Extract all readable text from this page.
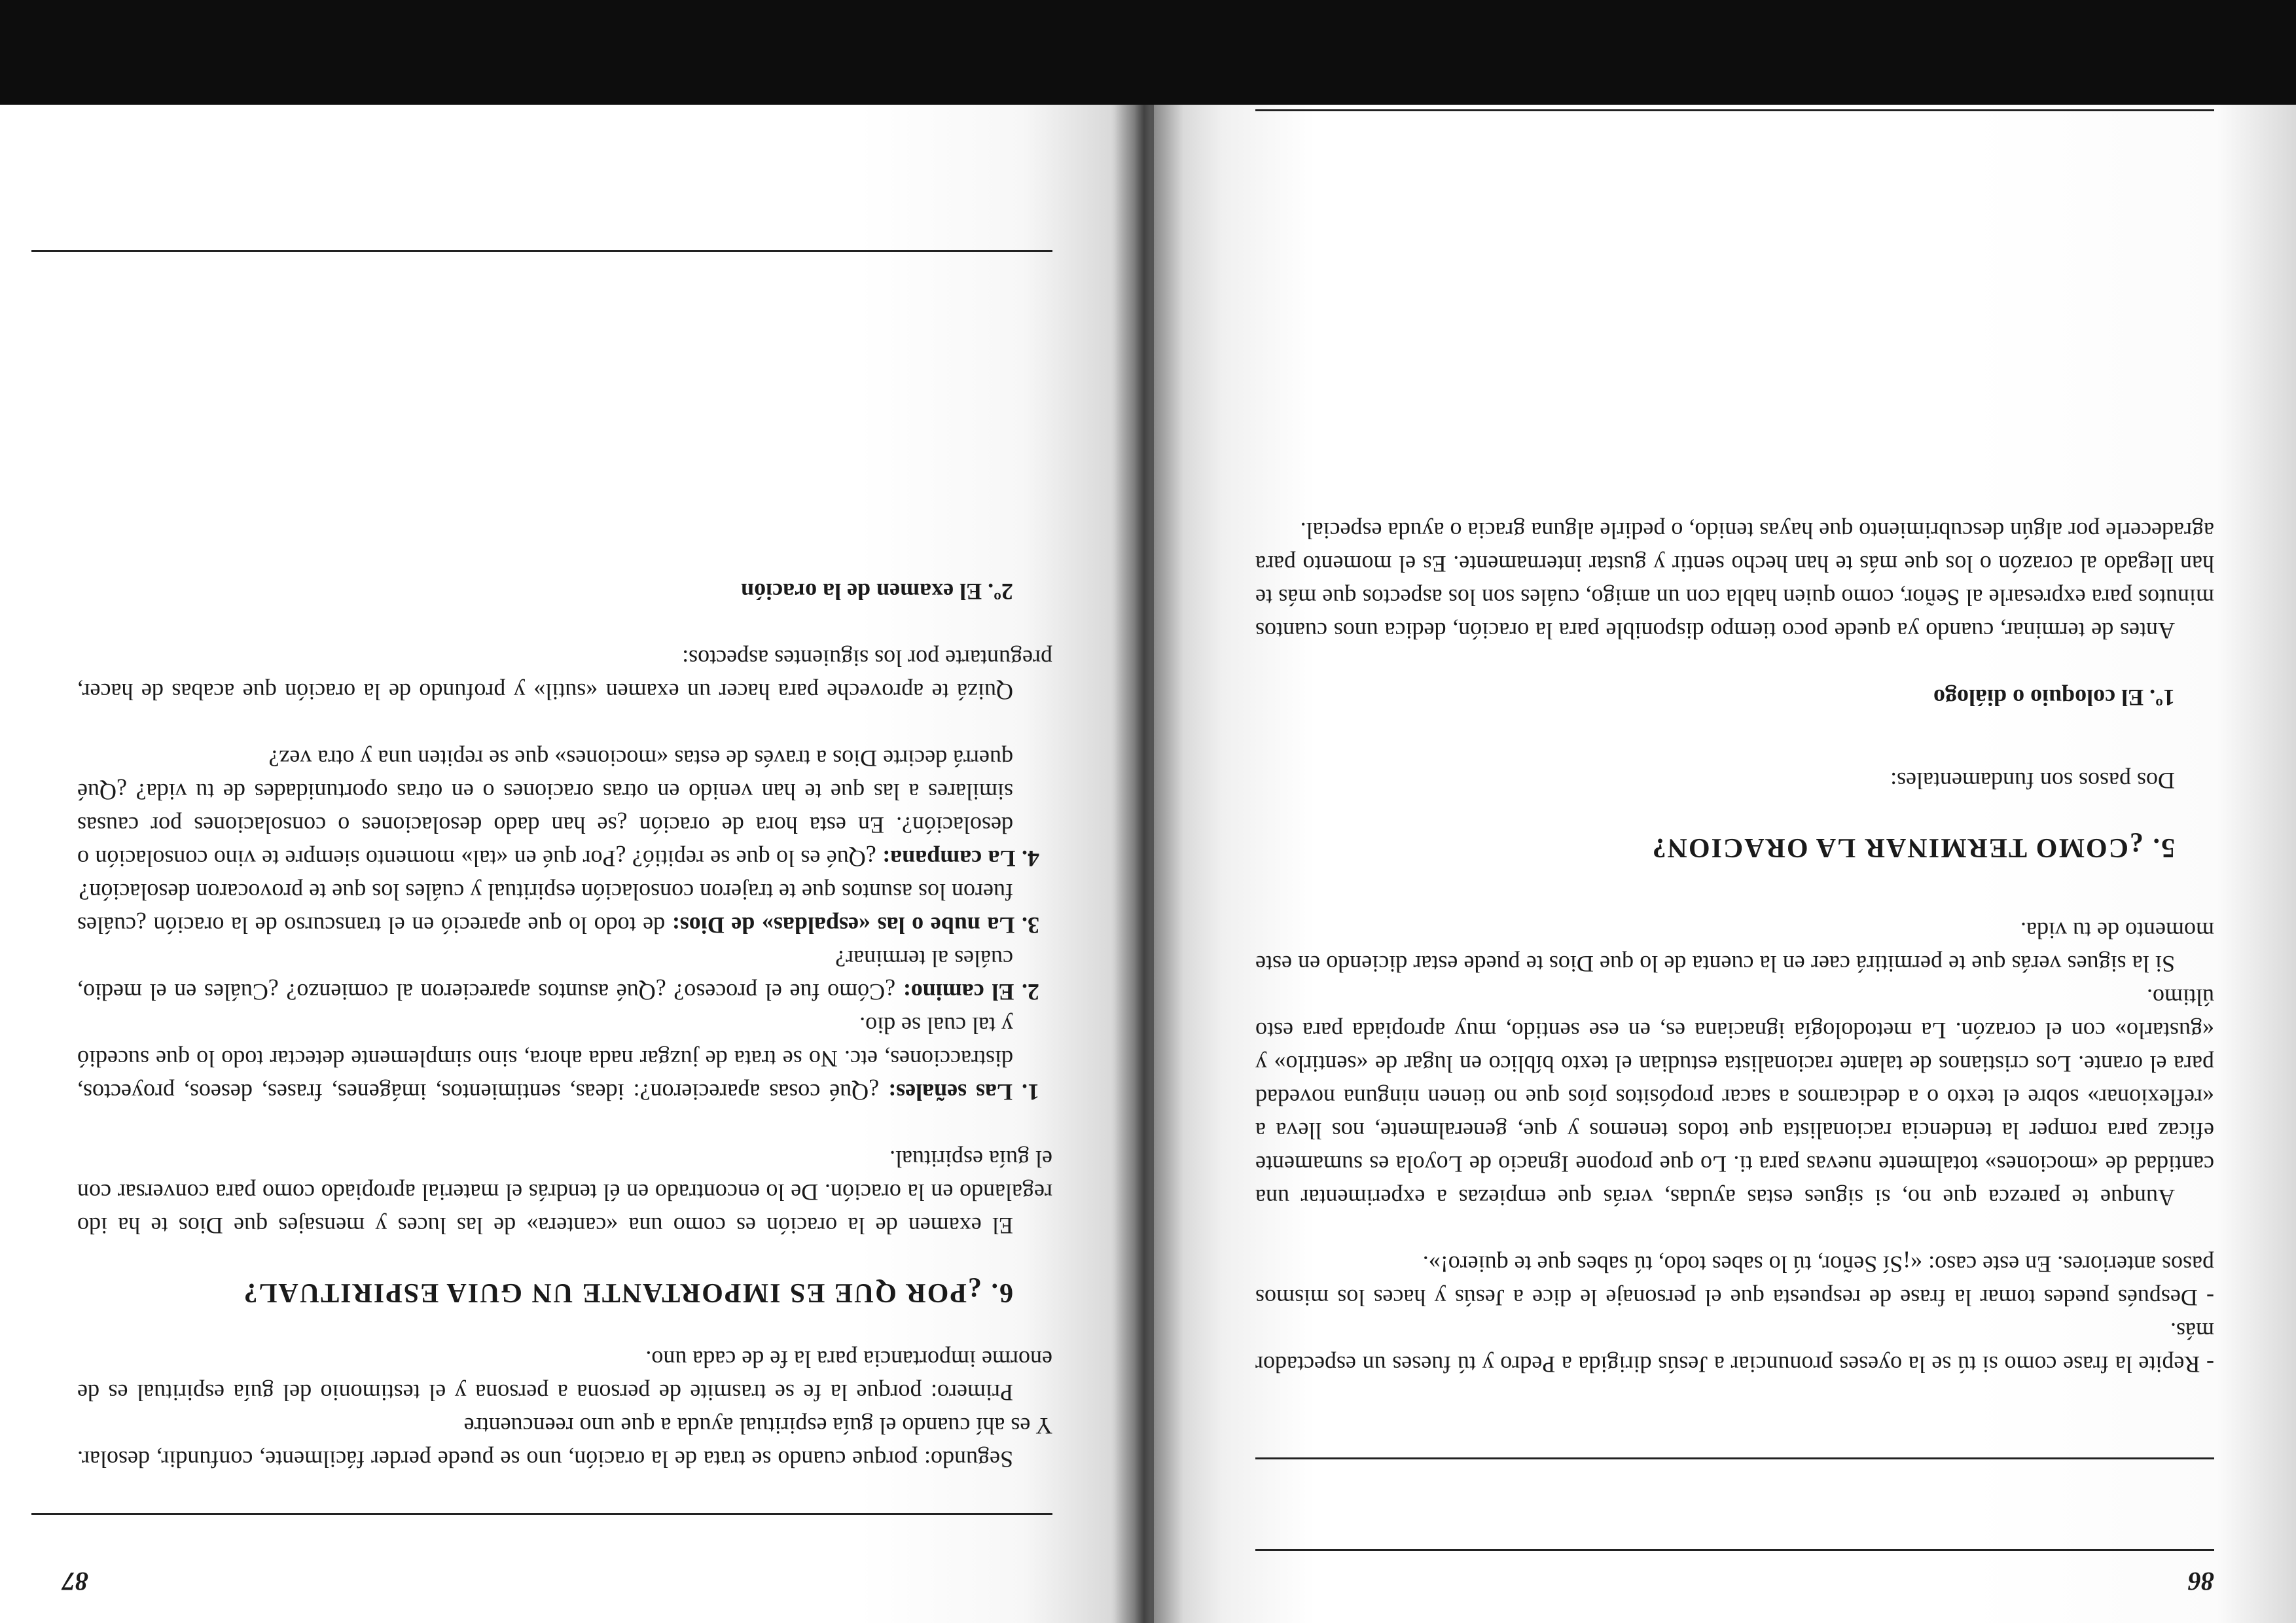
86

- Repite la frase como si tú se la oyeses pronunciar a Jesús dirigida a Pedro y tú fueses un espectador más.

- Después puedes tomar la frase de respuesta que el personaje le dice a Jesús y haces los mismos pasos anteriores. En este caso: «¡Sí Señor, tú lo sabes todo, tú sabes que te quiero!».

Aunque te parezca que no, si sigues estas ayudas, verás que empiezas a experimentar una cantidad de «mociones» totalmente nuevas para ti. Lo que propone Ignacio de Loyola es sumamente eficaz para romper la tendencia racionalista que todos tenemos y que, generalmente, nos lleva a «reflexionar» sobre el texto o a dedicarnos a sacar propósitos píos que no tienen ninguna novedad para el orante. Los cristianos de talante racionalista estudian el texto bíblico en lugar de «sentirlo» y «gustarlo» con el corazón. La metodología ignaciana es, en ese sentido, muy apropiada para esto último.

Si la sigues verás que te permitirá caer en la cuenta de lo que Dios te puede estar diciendo en este momento de tu vida.

5. ¿COMO TERMINAR LA ORACION?

Dos pasos son fundamentales:

1º. El coloquio o diálogo

Antes de terminar, cuando ya quede poco tiempo disponible para la oración, dedica unos cuantos minutos para expresarle al Señor, como quien habla con un amigo, cuáles son los aspectos que más te han llegado al corazón o los que más te han hecho sentir y gustar internamente. Es el momento para agradecerle por algún descubrimiento que hayas tenido, o pedirle alguna gracia o ayuda especial.

87

Segundo: porque cuando se trata de la oración, uno se puede perder fácilmente, confundir, desolar. Y es ahí cuando el guía espiritual ayuda a que uno reencuentre

Primero: porque la fe se trasmite de persona a persona y el testimonio del guía espiritual es de enorme importancia para la fe de cada uno.

6. ¿POR QUE ES IMPORTANTE UN GUIA ESPIRITUAL?

El examen de la oración es como una «cantera» de las luces y mensajes que Dios te ha ido regalando en la oración. De lo encontrado en él tendrás el material apropiado como para conversar con el guía espiritual.

1. Las señales: ¿Qué cosas aparecieron?: ideas, sentimientos, imágenes, frases, deseos, proyectos, distracciones, etc. No se trata de juzgar nada ahora, sino simplemente detectar todo lo que sucedió y tal cual se dio.

2. El camino: ¿Cómo fue el proceso? ¿Qué asuntos aparecieron al comienzo? ¿Cuáles en el medio, cuáles al terminar?

3. La nube o las «espaldas» de Dios: de todo lo que apareció en el transcurso de la oración ¿cuáles fueron los asuntos que te trajeron consolación espiritual y cuáles los que te provocaron desolación?

4. La campana: ¿Qué es lo que se repitió? ¿Por qué en «tal» momento siempre te vino consolación o desolación?. En esta hora de oración ¿se han dado desolaciones o consolaciones por causas similares a las que te han venido en otras oraciones o en otras oportunidades de tu vida? ¿Qué querrá decirte Dios a través de estas «mociones» que se repiten una y otra vez?

Quizá te aproveche para hacer un examen «sutil» y profundo de la oración que acabas de hacer, preguntarte por los siguientes aspectos:

2º. El examen de la oración
